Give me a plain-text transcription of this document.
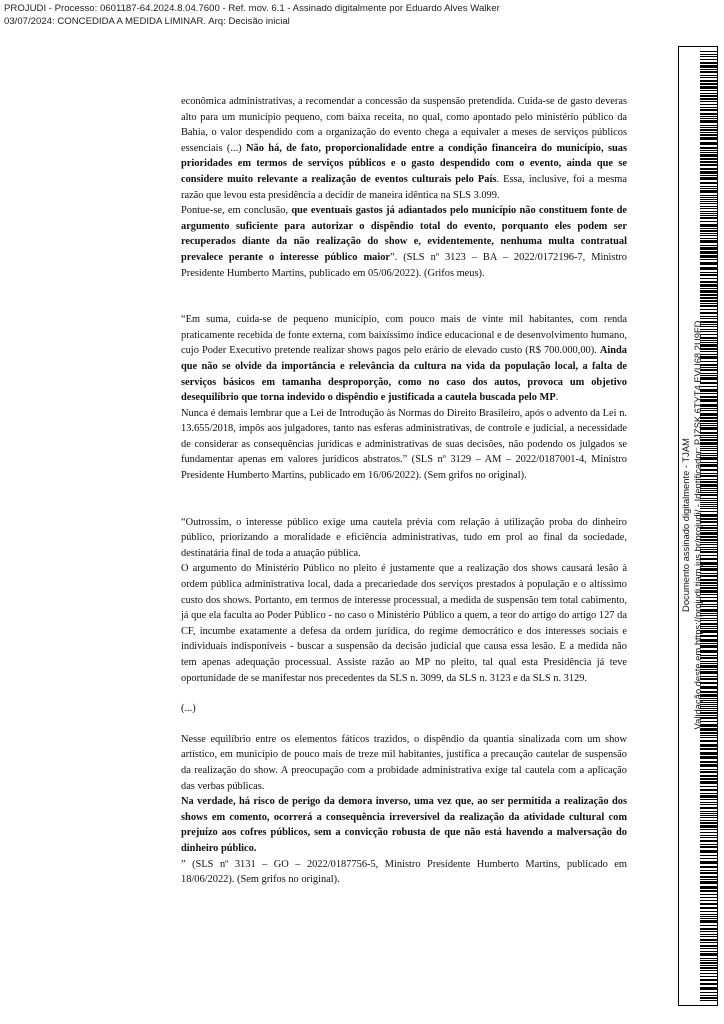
PROJUDI - Processo: 0601187-64.2024.8.04.7600 - Ref. mov. 6.1 - Assinado digitalmente por Eduardo Alves Walker
03/07/2024: CONCEDIDA A MEDIDA LIMINAR. Arq: Decisão inicial

econômica administrativas, a recomendar a concessão da suspensão pretendida. Cuida-se de gasto deveras alto para um município pequeno, com baixa receita, no qual, como apontado pelo ministério público da Bahia, o valor despendido com a organização do evento chega a equivaler a meses de serviços públicos essenciais (...) Não há, de fato, proporcionalidade entre a condição financeira do município, suas prioridades em termos de serviços públicos e o gasto despendido com o evento, ainda que se considere muito relevante a realização de eventos culturais pelo País. Essa, inclusive, foi a mesma razão que levou esta presidência a decidir de maneira idêntica na SLS 3.099.

Pontue-se, em conclusão, que eventuais gastos já adiantados pelo município não constituem fonte de argumento suficiente para autorizar o dispêndio total do evento, porquanto eles podem ser recuperados diante da não realização do show e, evidentemente, nenhuma multa contratual prevalece perante o interesse público maior”. (SLS nº 3123 – BA – 2022/0172196-7, Ministro Presidente Humberto Martins, publicado em 05/06/2022). (Grifos meus).

“Em suma, cuida-se de pequeno município, com pouco mais de vinte mil habitantes, com renda praticamente recebida de fonte externa, com baixíssimo índice educacional e de desenvolvimento humano, cujo Poder Executivo pretende realizar shows pagos pelo erário de elevado custo (R$ 700.000,00). Ainda que não se olvide da importância e relevância da cultura na vida da população local, a falta de serviços básicos em tamanha desproporção, como no caso dos autos, provoca um objetivo desequilíbrio que torna indevido o dispêndio e justificada a cautela buscada pelo MP.

Nunca é demais lembrar que a Lei de Introdução às Normas do Direito Brasileiro, após o advento da Lei n. 13.655/2018, impôs aos julgadores, tanto nas esferas administrativas, de controle e judicial, a necessidade de considerar as consequências jurídicas e administrativas de suas decisões, não podendo os julgados se fundamentar apenas em valores jurídicos abstratos.” (SLS nº 3129 – AM – 2022/0187001-4, Ministro Presidente Humberto Martins, publicado em 16/06/2022). (Sem grifos no original).

“Outrossim, o interesse público exige uma cautela prévia com relação à utilização proba do dinheiro público, priorizando a moralidade e eficiência administrativas, tudo em prol ao final da sociedade, destinatária final de toda a atuação pública.

O argumento do Ministério Público no pleito é justamente que a realização dos shows causará lesão à ordem pública administrativa local, dada a precariedade dos serviços prestados à população e o altíssimo custo dos shows. Portanto, em termos de interesse processual, a medida de suspensão tem total cabimento, já que ela faculta ao Poder Público - no caso o Ministério Público a quem, a teor do artigo do artigo 127 da CF, incumbe exatamente a defesa da ordem jurídica, do regime democrático e dos interesses sociais e individuais indisponíveis - buscar a suspensão da decisão judicial que causa essa lesão. E a medida não tem apenas adequação processual. Assiste razão ao MP no pleito, tal qual esta Presidência já teve oportunidade de se manifestar nos precedentes da SLS n. 3099, da SLS n. 3123 e da SLS n. 3129.

(...)

Nesse equilíbrio entre os elementos fáticos trazidos, o dispêndio da quantia sinalizada com um show artístico, em município de pouco mais de treze mil habitantes, justifica a precaução cautelar de suspensão da realização do show. A preocupação com a probidade administrativa exige tal cautela com a aplicação das verbas públicas.

Na verdade, há risco de perigo da demora inverso, uma vez que, ao ser permitida a realização dos shows em comento, ocorrerá a consequência irreversível da realização da atividade cultural com prejuízo aos cofres públicos, sem a convicção robusta de que não está havendo a malversação do dinheiro público.

” (SLS nº 3131 – GO – 2022/0187756-5, Ministro Presidente Humberto Martins, publicado em 18/06/2022). (Sem grifos no original).

Documento assinado digitalmente - TJAM Validação deste em https://projudi.tjam.jus.br/projudi/ - Identificador: PJZSK 6TYT4 EVU68 2U9FD
